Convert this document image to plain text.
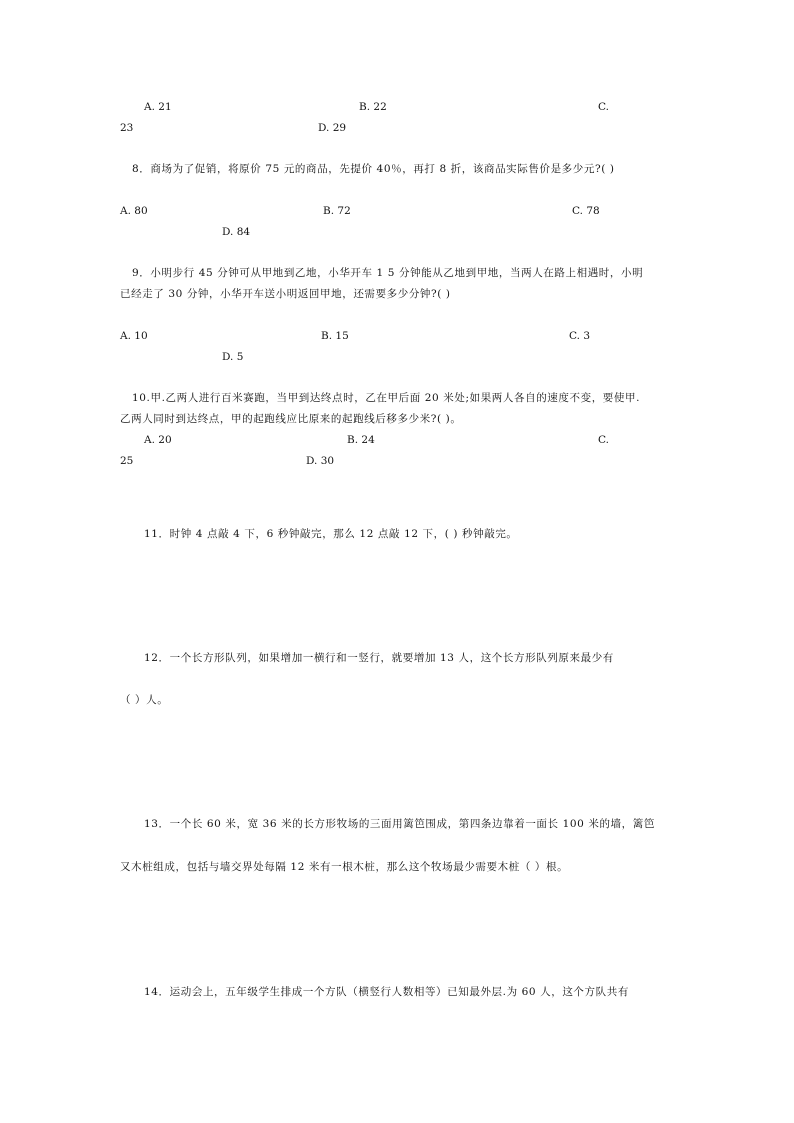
A. 21	B. 22	C.
23	D. 29
8．商场为了促销，将原价 75 元的商品，先提价 40％，再打 8 折，该商品实际售价是多少元?( )
A. 80	B. 72	C. 78
D. 84
9．小明步行 45 分钟可从甲地到乙地，小华开车 1 5 分钟能从乙地到甲地，当两人在路上相遇时，小明
已经走了 30 分钟，小华开车送小明返回甲地，还需要多少分钟?( )
A. 10	B. 15	C. 3
D. 5
10.甲.乙两人进行百米赛跑，当甲到达终点时，乙在甲后面 20 米处;如果两人各自的速度不变，要使甲.
乙两人同时到达终点，甲的起跑线应比原来的起跑线后移多少米?( )。
A. 20	B. 24	C.
25	D. 30
11．时钟 4 点敲 4 下，6 秒钟敲完，那么 12 点敲 12 下，( ) 秒钟敲完。
12．一个长方形队列，如果增加一横行和一竖行，就要增加 13 人，这个长方形队列原来最少有
（ ）人。
13．一个长 60 米，宽 36 米的长方形牧场的三面用篱笆围成，第四条边靠着一面长 100 米的墙，篱笆
又木桩组成，包括与墙交界处每隔 12 米有一根木桩，那么这个牧场最少需要木桩（ ）根。
14．运动会上，五年级学生排成一个方队（横竖行人数相等）已知最外层.为 60 人，这个方队共有
